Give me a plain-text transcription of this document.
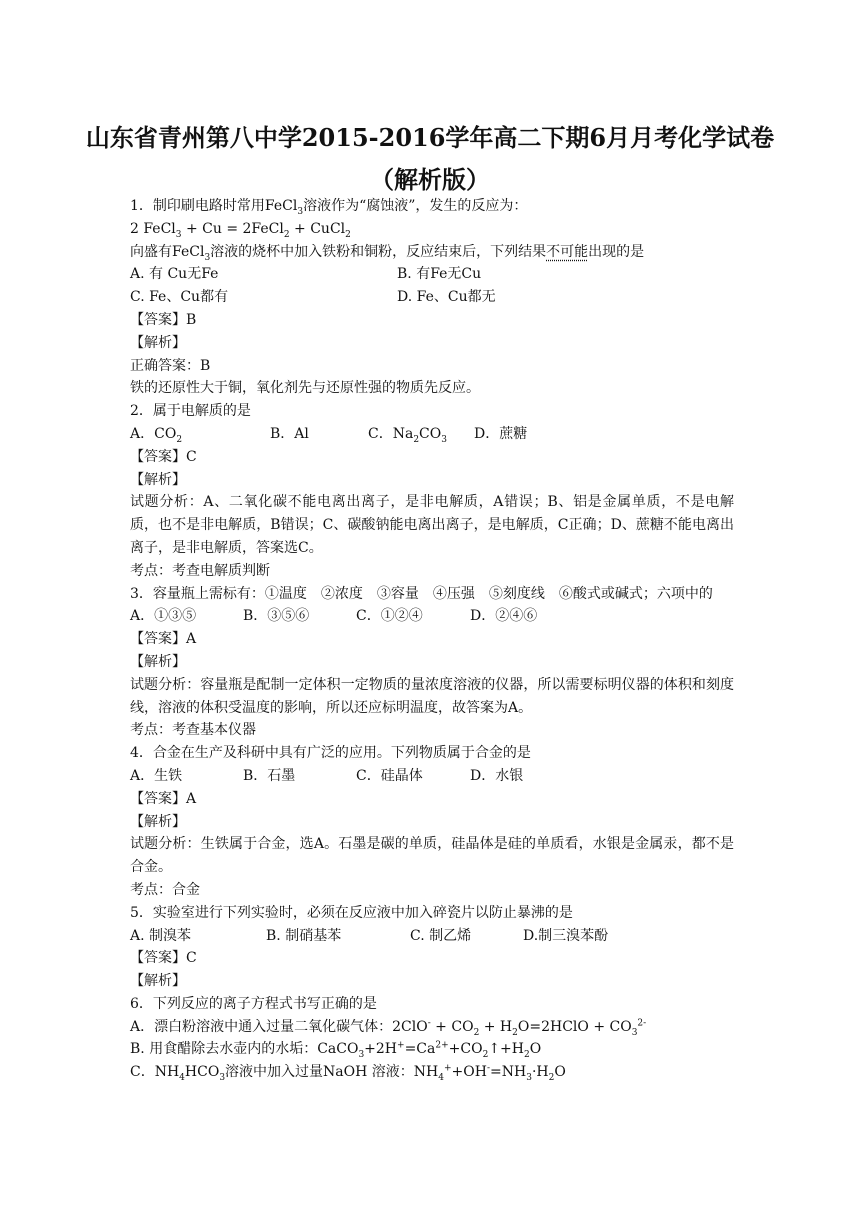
山东省青州第八中学2015-2016学年高二下期6月月考化学试卷
（解析版）
1．制印刷电路时常用FeCl$_3$溶液作为“腐蚀液”，发生的反应为：
2 FeCl$_3$ + Cu = 2FeCl$_2$ + CuCl$_2$
向盛有FeCl$_3$溶液的烧杯中加入铁粉和铜粉，反应结束后，下列结果不可能出现的是
A. 有 Cu无Fe	B. 有Fe无Cu
C. Fe、Cu都有	D. Fe、Cu都无
【答案】B
【解析】
正确答案：B
铁的还原性大于铜，氧化剂先与还原性强的物质先反应。
2．属于电解质的是
A．$CO_2$	B．Al	C．$Na_2CO_3$	D．蔗糖
【答案】C
【解析】
试题分析：A、二氧化碳不能电离出离子，是非电解质，A错误；B、铝是金属单质，不是电解质，也不是非电解质，B错误；C、碳酸钠能电离出离子，是电解质，C正确；D、蔗糖不能电离出离子，是非电解质，答案选C。
考点：考查电解质判断
3．容量瓶上需标有：①温度　②浓度　③容量　④压强　⑤刻度线　⑥酸式或碱式；六项中的
A．①③⑤	B．③⑤⑥	C．①②④	D．②④⑥
【答案】A
【解析】
试题分析：容量瓶是配制一定体积一定物质的量浓度溶液的仪器，所以需要标明仪器的体积和刻度线，溶液的体积受温度的影响，所以还应标明温度，故答案为A。
考点：考查基本仪器
4．合金在生产及科研中具有广泛的应用。下列物质属于合金的是
A．生铁	B．石墨	C．硅晶体	D．水银
【答案】A
【解析】
试题分析：生铁属于合金，选A。石墨是碳的单质，硅晶体是硅的单质看，水银是金属汞，都不是合金。
考点：合金
5．实验室进行下列实验时，必须在反应液中加入碎瓷片以防止暴沸的是
A. 制溴苯	B. 制硝基苯	C. 制乙烯	D.制三溴苯酚
【答案】C
【解析】
6．下列反应的离子方程式书写正确的是
A．漂白粉溶液中通入过量二氧化碳气体：$2ClO^- + CO_2$ + $H_2O=2HClO + CO_3^{2-}$
B. 用食醋除去水壶内的水垢：$CaCO_3+2H^+=Ca^{2+}+CO_2↑+H_2O$
C．$NH_4HCO_3$溶液中加入过量NaOH 溶液：$NH_4^++OH^-=NH_3\cdot H_2O$
